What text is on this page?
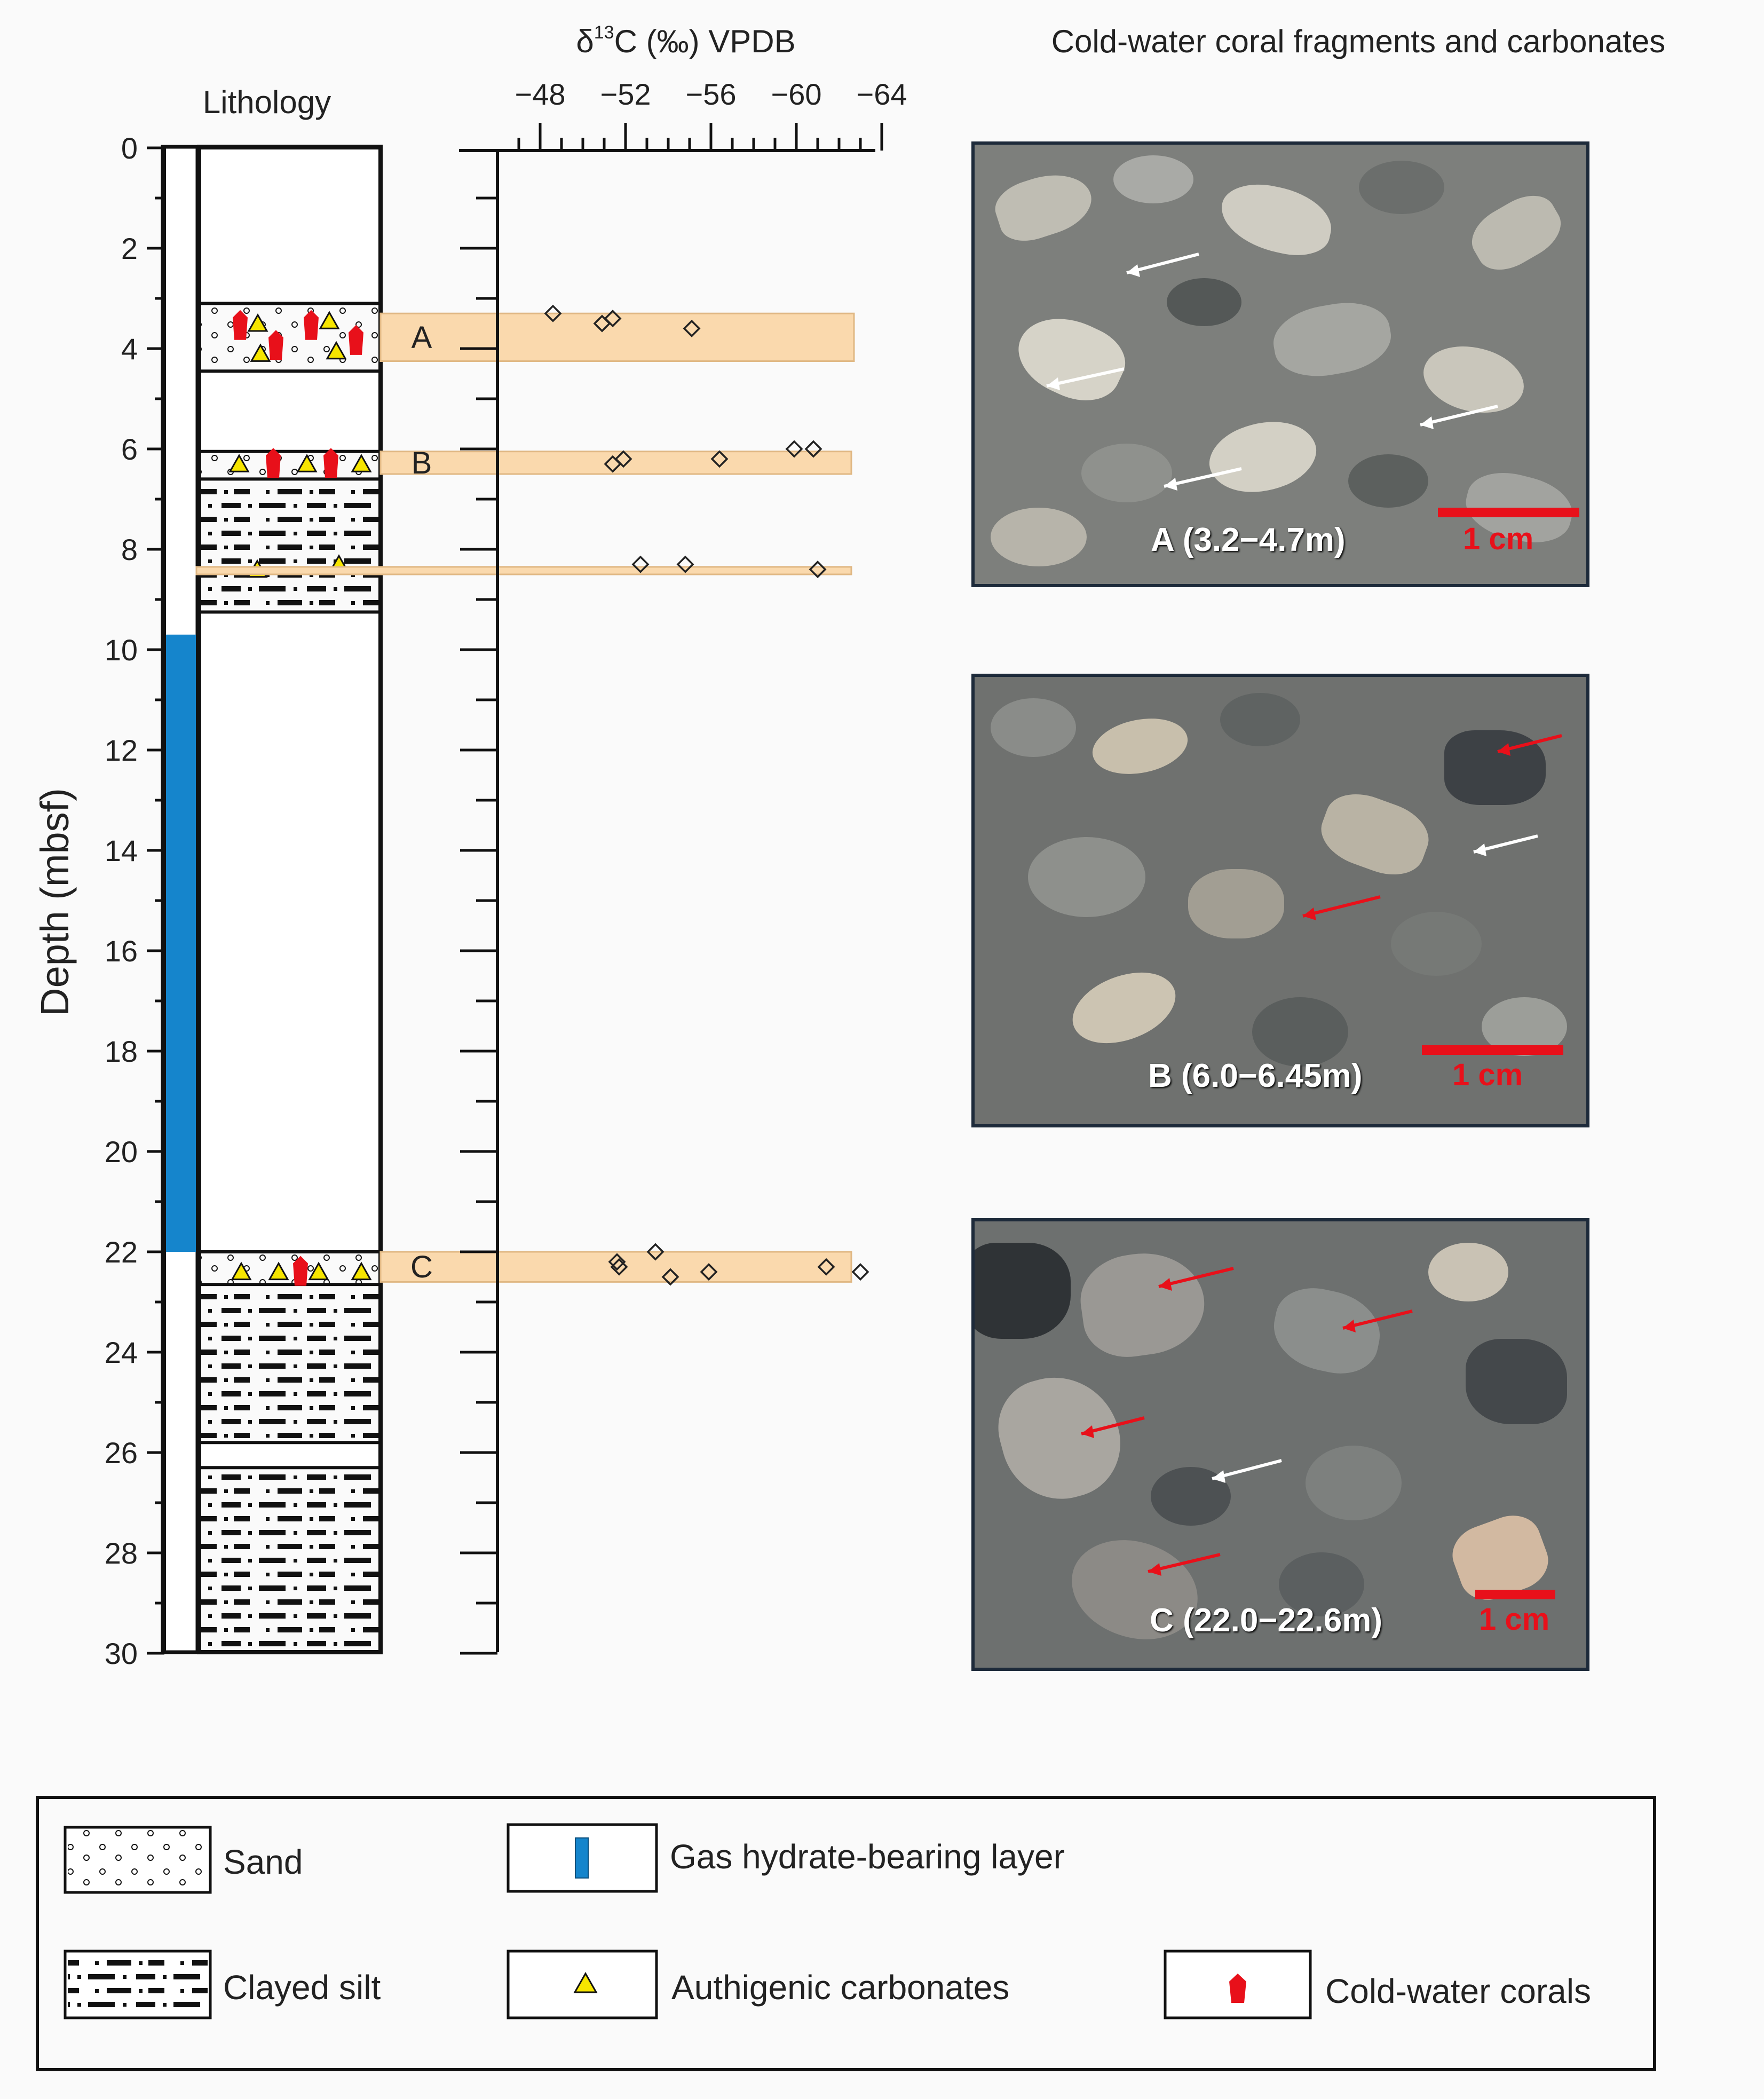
Lithology
$\delta^{13}C$ (‰) VPDB	Cold-water coral fragments and carbonates
Depth (mbsf)
0
2
4
6
8
10
12
14
16
18
20
22
24
26
28
30
A
B
C
−48 −52 −56 −60 −64
Sand	Gas hydrate-bearing layer
Clayed silt	Authigenic carbonates	Cold-water corals
1 cm
A (3.2−4.7m)
1 cm
B (6.0−6.45m)
1 cm
C (22.0−22.6m)
